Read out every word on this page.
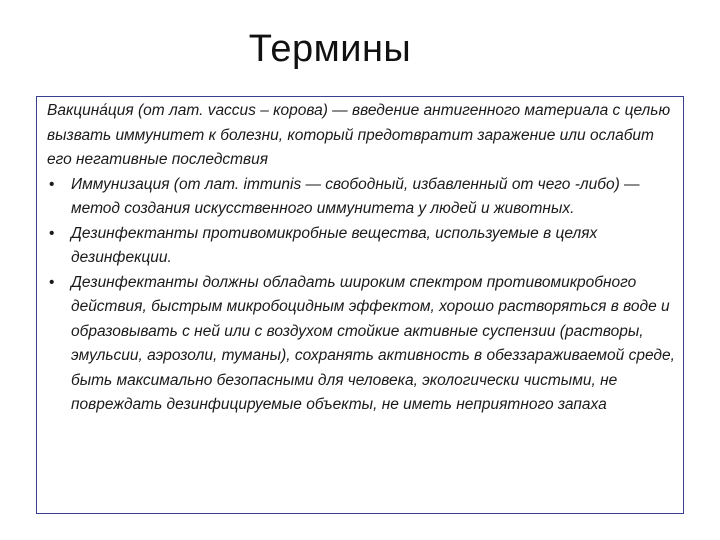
Термины

Вакцина́ция (от лат. vaccus – корова) — введение антигенного материала с целью вызвать иммунитет к болезни, который предотвратит заражение или ослабит его негативные последствия

• Иммунизация (от лат. immunis — свободный, избавленный от чего -либо) — метод создания искусственного иммунитета у людей и животных.
• Дезинфектанты противомикробные вещества, используемые в целях дезинфекции.
• Дезинфектанты должны обладать широким спектром противомикробного действия, быстрым микробоцидным эффектом, хорошо растворяться в воде и образовывать с ней или с воздухом стойкие активные суспензии (растворы, эмульсии, аэрозоли, туманы), сохранять активность в обеззараживаемой среде, быть максимально безопасными для человека, экологически чистыми, не повреждать дезинфицируемые объекты, не иметь неприятного запаха
